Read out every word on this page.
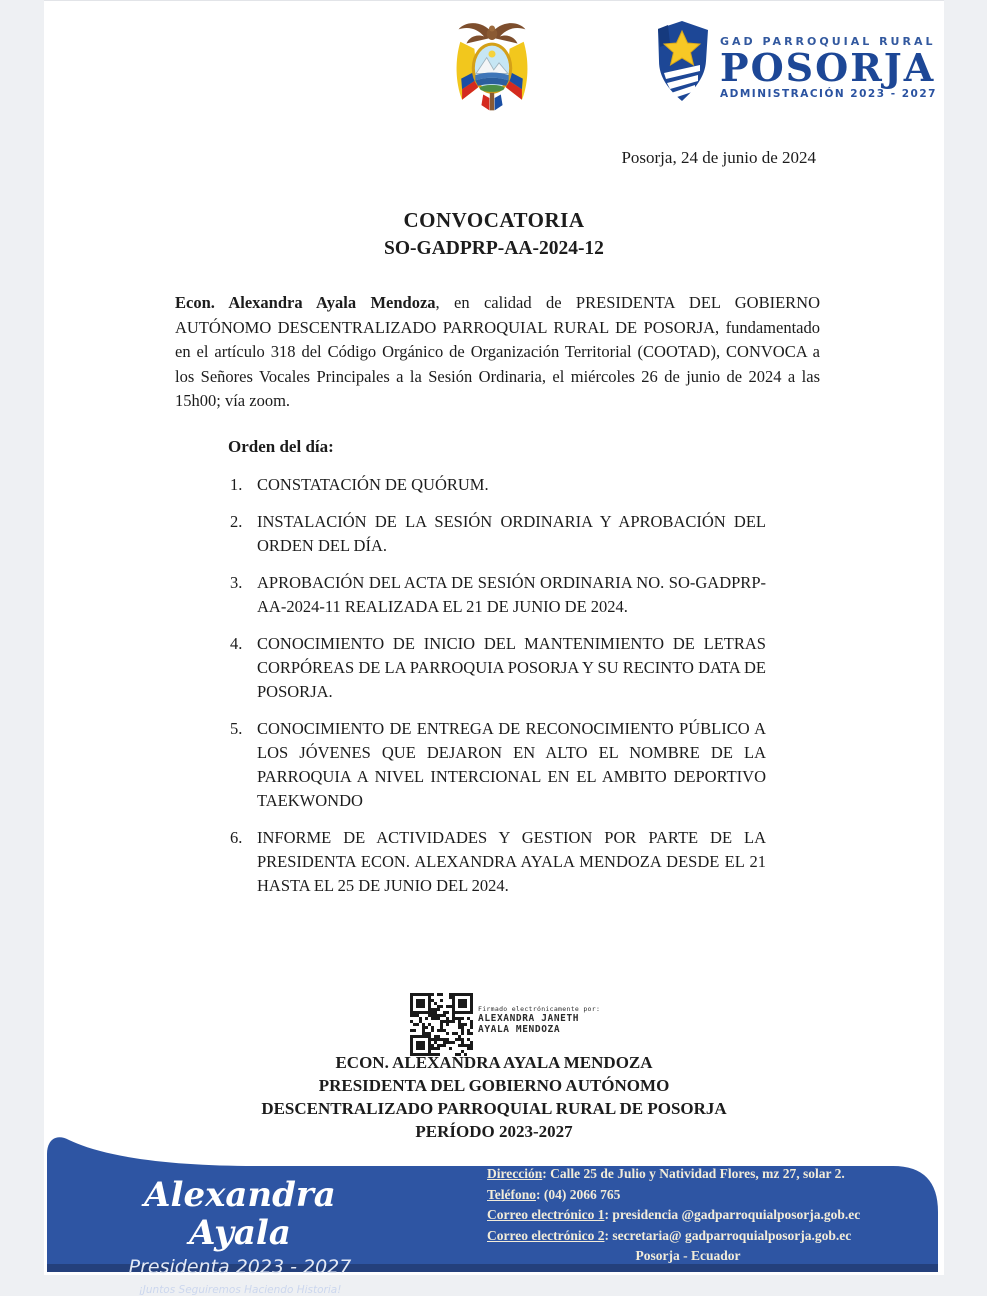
GAD PARROQUIAL RURAL
POSORJA
ADMINISTRACIÓN 2023 - 2027
Posorja, 24 de junio de 2024
CONVOCATORIA
SO-GADPRP-AA-2024-12

Econ. Alexandra Ayala Mendoza, en calidad de PRESIDENTA DEL GOBIERNO AUTÓNOMO DESCENTRALIZADO PARROQUIAL RURAL DE POSORJA, fundamentado en el artículo 318 del Código Orgánico de Organización Territorial (COOTAD), CONVOCA a los Señores Vocales Principales a la Sesión Ordinaria, el miércoles 26 de junio de 2024 a las 15h00; vía zoom.

Orden del día:
1. CONSTATACIÓN DE QUÓRUM.
2. INSTALACIÓN DE LA SESIÓN ORDINARIA Y APROBACIÓN DEL ORDEN DEL DÍA.
3. APROBACIÓN DEL ACTA DE SESIÓN ORDINARIA NO. SO-GADPRP- AA-2024-11 REALIZADA EL 21 DE JUNIO DE 2024.
4. CONOCIMIENTO DE INICIO DEL MANTENIMIENTO DE LETRAS CORPÓREAS DE LA PARROQUIA POSORJA Y SU RECINTO DATA DE POSORJA.
5. CONOCIMIENTO DE ENTREGA DE RECONOCIMIENTO PÚBLICO A LOS JÓVENES QUE DEJARON EN ALTO EL NOMBRE DE LA PARROQUIA A NIVEL INTERCIONAL EN EL AMBITO DEPORTIVO TAEKWONDO
6. INFORME DE ACTIVIDADES Y GESTION POR PARTE DE LA PRESIDENTA ECON. ALEXANDRA AYALA MENDOZA DESDE EL 21 HASTA EL 25 DE JUNIO DEL 2024.
Firmado electrónicamente por:
ALEXANDRA JANETH
AYALA MENDOZA
ECON. ALEXANDRA AYALA MENDOZA
PRESIDENTA DEL GOBIERNO AUTÓNOMO
DESCENTRALIZADO PARROQUIAL RURAL DE POSORJA
PERÍODO 2023-2027
Alexandra Ayala
Presidenta 2023 - 2027
¡Juntos Seguiremos Haciendo Historia!
Dirección: Calle 25 de Julio y Natividad Flores, mz 27, solar 2.
Teléfono: (04) 2066 765
Correo electrónico 1: presidencia @gadparroquialposorja.gob.ec
Correo electrónico 2: secretaria@ gadparroquialposorja.gob.ec
Posorja - Ecuador
